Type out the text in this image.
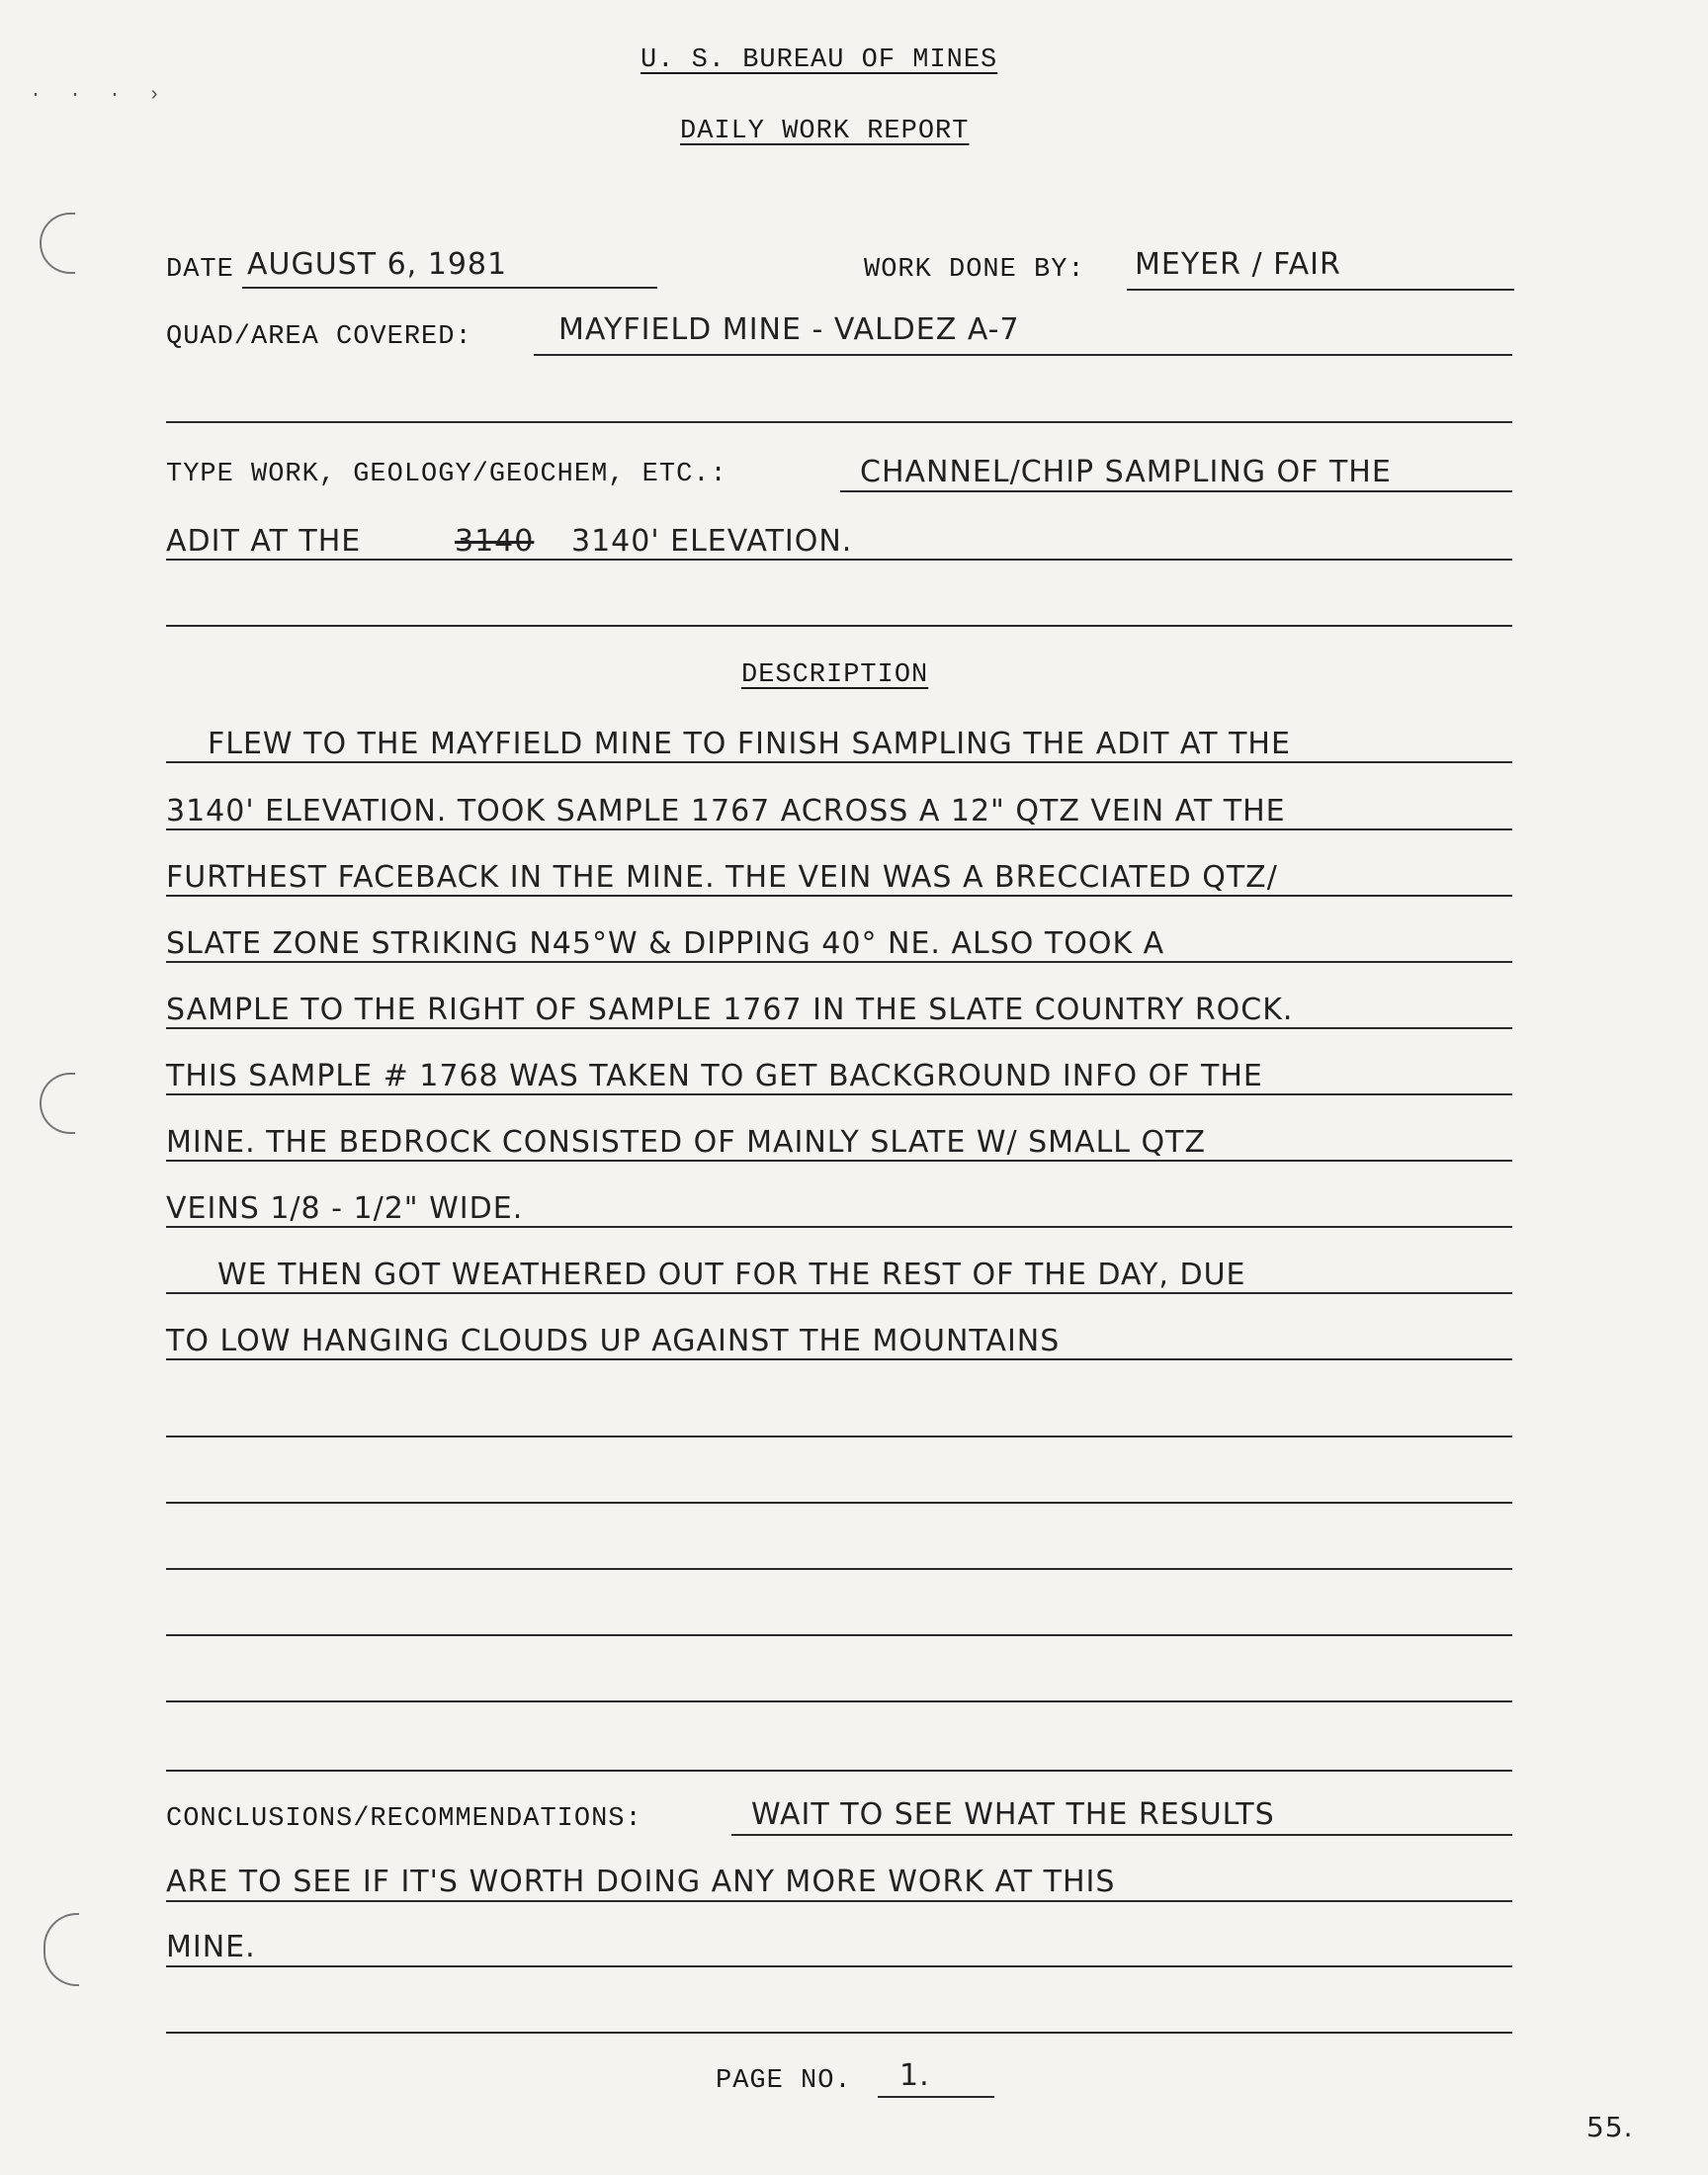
· · · ›
U. S. BUREAU OF MINES
DAILY WORK REPORT
DATE AUGUST 6, 1981	WORK DONE BY: MEYER / FAIR
QUAD/AREA COVERED:	MAYFIELD MINE - VALDEZ A-7
TYPE WORK, GEOLOGY/GEOCHEM, ETC.:	CHANNEL/CHIP SAMPLING OF THE
ADIT AT THE	3140 3140' ELEVATION.
DESCRIPTION
FLEW TO THE MAYFIELD MINE TO FINISH SAMPLING THE ADIT AT THE
3140' ELEVATION. TOOK SAMPLE 1767 ACROSS A 12" QTZ VEIN AT THE
FURTHEST FACEBACK IN THE MINE. THE VEIN WAS A BRECCIATED QTZ/
SLATE ZONE STRIKING N45°W & DIPPING 40° NE. ALSO TOOK A
SAMPLE TO THE RIGHT OF SAMPLE 1767 IN THE SLATE COUNTRY ROCK.
THIS SAMPLE # 1768 WAS TAKEN TO GET BACKGROUND INFO OF THE
MINE. THE BEDROCK CONSISTED OF MAINLY SLATE W/ SMALL QTZ
VEINS 1/8 - 1/2" WIDE.
WE THEN GOT WEATHERED OUT FOR THE REST OF THE DAY, DUE
TO LOW HANGING CLOUDS UP AGAINST THE MOUNTAINS
CONCLUSIONS/RECOMMENDATIONS:	WAIT TO SEE WHAT THE RESULTS
ARE TO SEE IF IT'S WORTH DOING ANY MORE WORK AT THIS
MINE.
PAGE NO. 1.
55.
